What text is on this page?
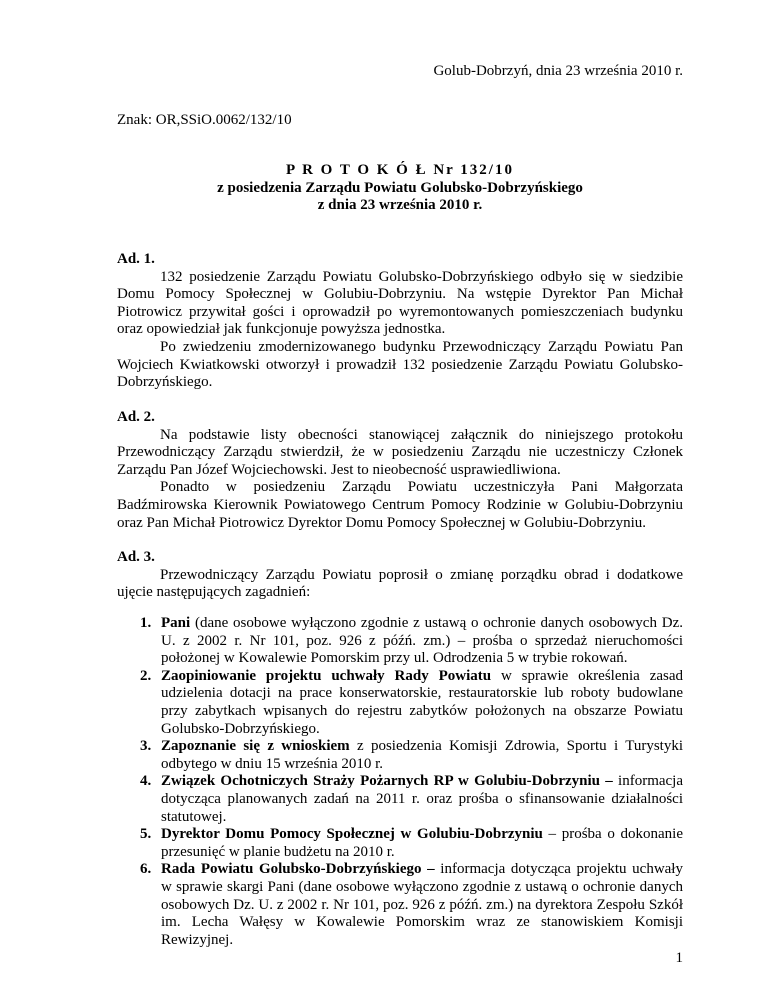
Golub-Dobrzyń, dnia 23 września 2010 r.
Znak: OR,SSiO.0062/132/10
P R O T O K Ó Ł Nr 132/10
z posiedzenia Zarządu Powiatu Golubsko-Dobrzyńskiego
z dnia 23 września 2010 r.
Ad. 1.

132 posiedzenie Zarządu Powiatu Golubsko-Dobrzyńskiego odbyło się w siedzibie Domu Pomocy Społecznej w Golubiu-Dobrzyniu. Na wstępie Dyrektor Pan Michał Piotrowicz przywitał gości i oprowadził po wyremontowanych pomieszczeniach budynku oraz opowiedział jak funkcjonuje powyższa jednostka.

Po zwiedzeniu zmodernizowanego budynku Przewodniczący Zarządu Powiatu Pan Wojciech Kwiatkowski otworzył i prowadził 132 posiedzenie Zarządu Powiatu Golubsko-Dobrzyńskiego.

Ad. 2.

Na podstawie listy obecności stanowiącej załącznik do niniejszego protokołu Przewodniczący Zarządu stwierdził, że w posiedzeniu Zarządu nie uczestniczy Członek Zarządu Pan Józef Wojciechowski. Jest to nieobecność usprawiedliwiona.

Ponadto w posiedzeniu Zarządu Powiatu uczestniczyła Pani Małgorzata Badźmirowska Kierownik Powiatowego Centrum Pomocy Rodzinie w Golubiu-Dobrzyniu oraz Pan Michał Piotrowicz Dyrektor Domu Pomocy Społecznej w Golubiu-Dobrzyniu.

Ad. 3.

Przewodniczący Zarządu Powiatu poprosił o zmianę porządku obrad i dodatkowe ujęcie następujących zagadnień:

1. Pani (dane osobowe wyłączono zgodnie z ustawą o ochronie danych osobowych Dz. U. z 2002 r. Nr 101, poz. 926 z późń. zm.) – prośba o sprzedaż nieruchomości położonej w Kowalewie Pomorskim przy ul. Odrodzenia 5 w trybie rokowań.
2. Zaopiniowanie projektu uchwały Rady Powiatu w sprawie określenia zasad udzielenia dotacji na prace konserwatorskie, restauratorskie lub roboty budowlane przy zabytkach wpisanych do rejestru zabytków położonych na obszarze Powiatu Golubsko-Dobrzyńskiego.
3. Zapoznanie się z wnioskiem z posiedzenia Komisji Zdrowia, Sportu i Turystyki odbytego w dniu 15 września 2010 r.
4. Związek Ochotniczych Straży Pożarnych RP w Golubiu-Dobrzyniu – informacja dotycząca planowanych zadań na 2011 r. oraz prośba o sfinansowanie działalności statutowej.
5. Dyrektor Domu Pomocy Społecznej w Golubiu-Dobrzyniu – prośba o dokonanie przesunięć w planie budżetu na 2010 r.
6. Rada Powiatu Golubsko-Dobrzyńskiego – informacja dotycząca projektu uchwały w sprawie skargi Pani (dane osobowe wyłączono zgodnie z ustawą o ochronie danych osobowych Dz. U. z 2002 r. Nr 101, poz. 926 z późń. zm.) na dyrektora Zespołu Szkół im. Lecha Wałęsy w Kowalewie Pomorskim wraz ze stanowiskiem Komisji Rewizyjnej.
1
